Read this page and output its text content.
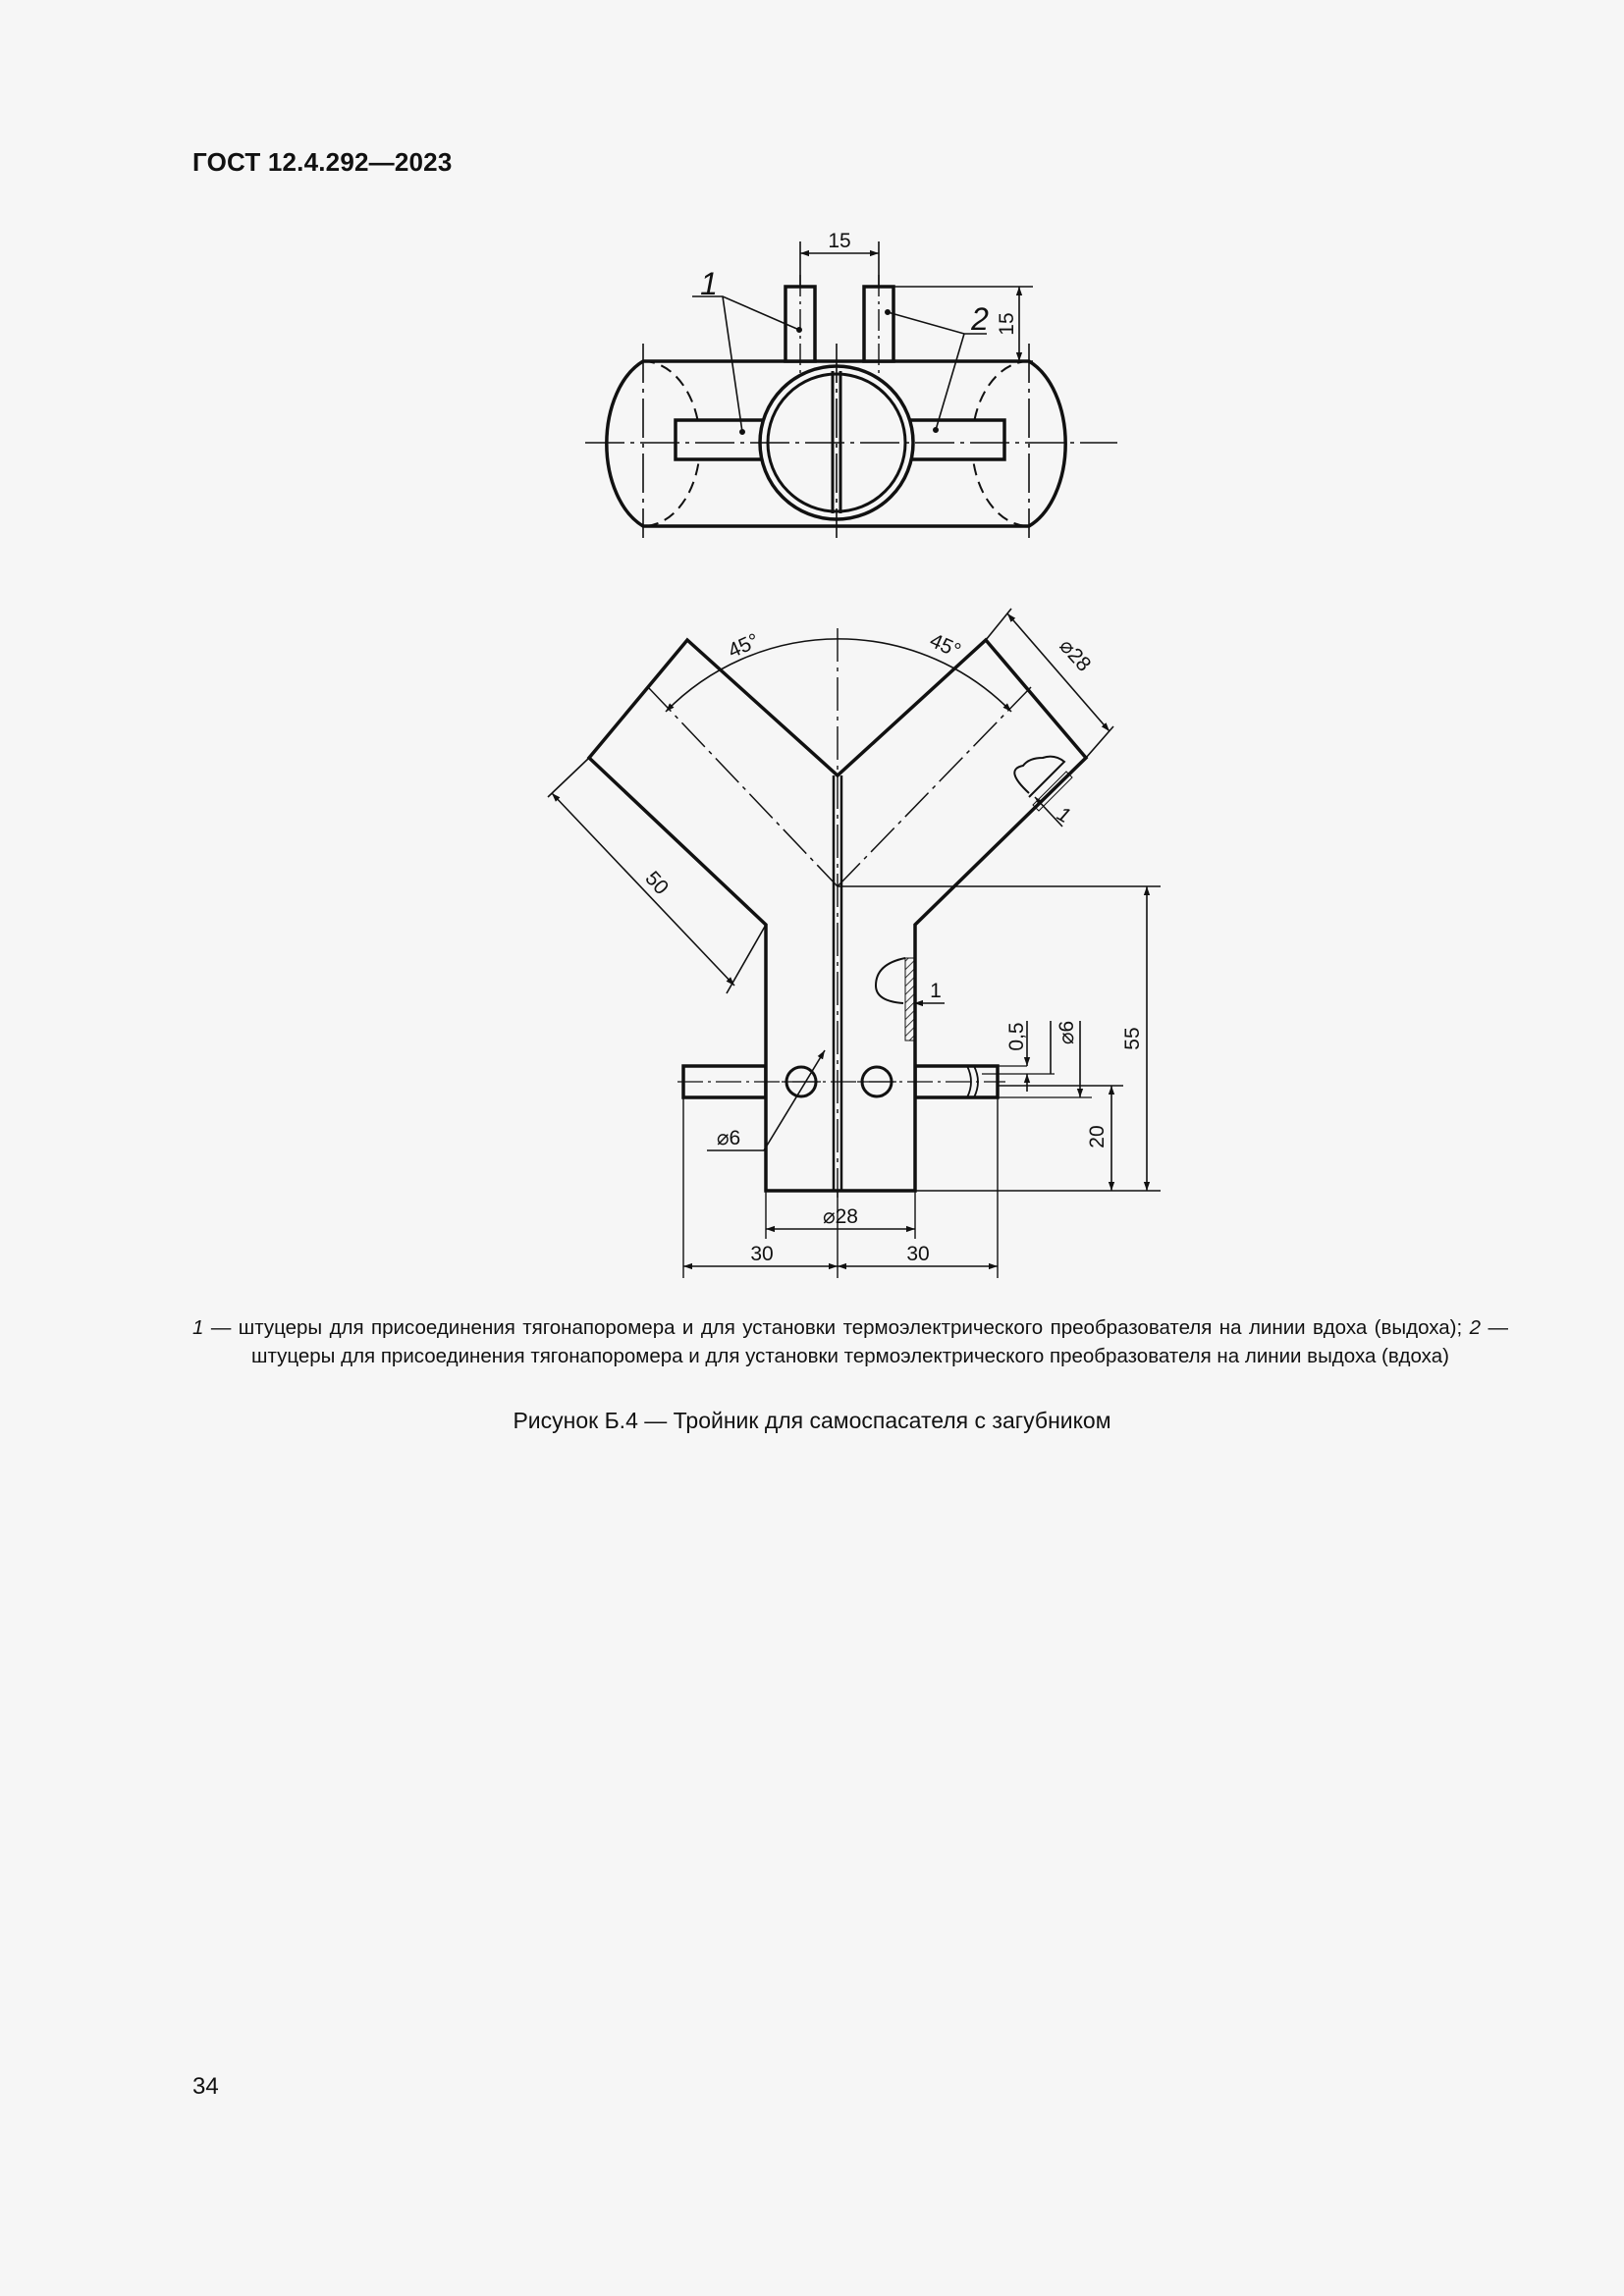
ГОСТ 12.4.292—2023
15
15
1
2
45°	45°	⌀28
50
1
1
0,5 ⌀6 55
20
⌀6
⌀28
30	30
1 — штуцеры для присоединения тягонапоромера и для установки термоэлектрического преобразователя на линии вдоха (выдоха); 2 — штуцеры для присоединения тягонапоромера и для установки термоэлектрического преобразователя на линии выдоха (вдоха)
Рисунок Б.4 — Тройник для самоспасателя с загубником
34
